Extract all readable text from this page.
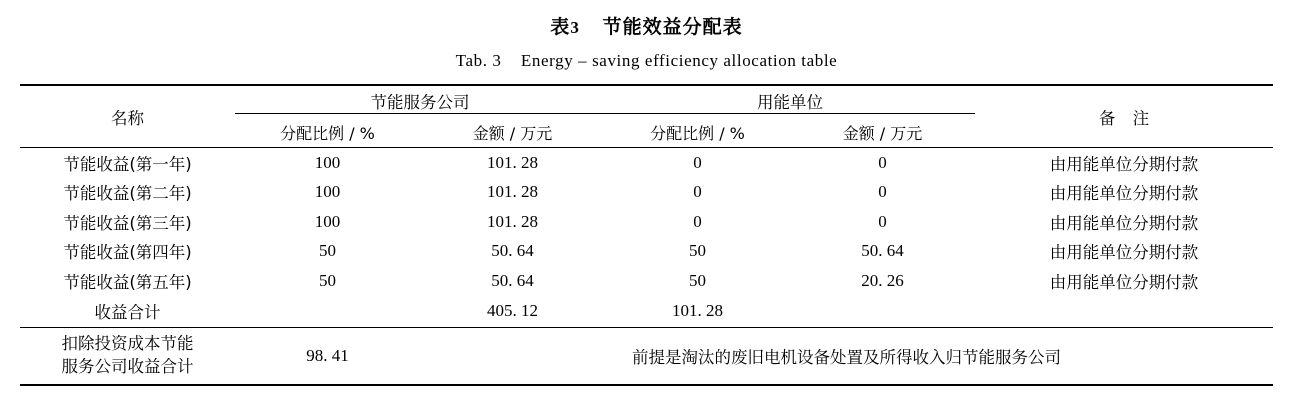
表3 节能效益分配表
Tab. 3 Energy – saving efficiency allocation table
名称	节能服务公司		用能单位		备 注
	分配比例 / %	金额 / 万元	分配比例 / %	金额 / 万元	
节能收益(第一年)	100	101. 28	0	0	由用能单位分期付款
节能收益(第二年)	100	101. 28	0	0	由用能单位分期付款
节能收益(第三年)	100	101. 28	0	0	由用能单位分期付款
节能收益(第四年)	50	50. 64	50	50. 64	由用能单位分期付款
节能收益(第五年)	50	50. 64	50	20. 26	由用能单位分期付款
收益合计		405. 12	101. 28		

扣除投资成本节能
服务公司收益合计	98. 41	前提是淘汰的废旧电机设备处置及所得收入归节能服务公司			
